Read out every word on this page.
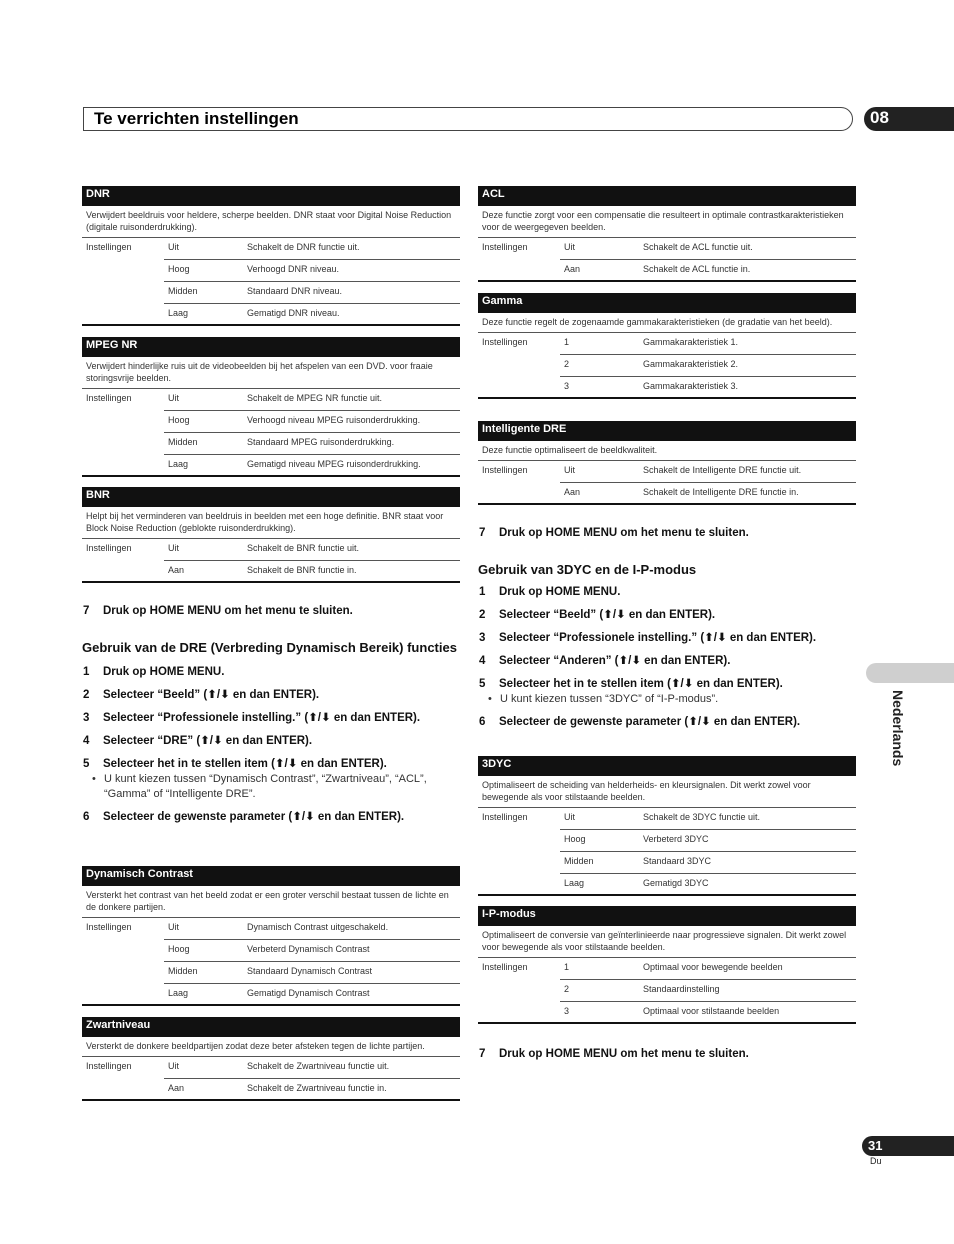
Te verrichten instellingen	08
Nederlands
31
Du
DNR
Verwijdert beeldruis voor heldere, scherpe beelden. DNR staat voor Digital Noise Reduction (digitale ruisonderdrukking).
Instellingen	Uit	Schakelt de DNR functie uit.
Hoog	Verhoogd DNR niveau.
Midden	Standaard DNR niveau.
Laag	Gematigd DNR niveau.
MPEG NR
Verwijdert hinderlijke ruis uit de videobeelden bij het afspelen van een DVD. voor fraaie storingsvrije beelden.
Instellingen	Uit	Schakelt de MPEG NR functie uit.
Hoog	Verhoogd niveau MPEG ruisonderdrukking.
Midden	Standaard MPEG ruisonderdrukking.
Laag	Gematigd niveau MPEG ruisonderdrukking.
BNR
Helpt bij het verminderen van beeldruis in beelden met een hoge definitie. BNR staat voor Block Noise Reduction (geblokte ruisonderdrukking).
Instellingen	Uit	Schakelt de BNR functie uit.
Aan	Schakelt de BNR functie in.
7 Druk op HOME MENU om het menu te sluiten.
Gebruik van de DRE (Verbreding Dynamisch Bereik) functies
1 Druk op HOME MENU.
2 Selecteer “Beeld” (⬆/⬇ en dan ENTER).
3 Selecteer “Professionele instelling.” (⬆/⬇ en dan ENTER).
4 Selecteer “DRE” (⬆/⬇ en dan ENTER).
5 Selecteer het in te stellen item (⬆/⬇ en dan ENTER).
• U kunt kiezen tussen “Dynamisch Contrast”, “Zwartniveau”, “ACL”, “Gamma” of “Intelligente DRE”.
6 Selecteer de gewenste parameter (⬆/⬇ en dan ENTER).
Dynamisch Contrast
Versterkt het contrast van het beeld zodat er een groter verschil bestaat tussen de lichte en de donkere partijen.
Instellingen	Uit	Dynamisch Contrast uitgeschakeld.
Hoog	Verbeterd Dynamisch Contrast
Midden	Standaard Dynamisch Contrast
Laag	Gematigd Dynamisch Contrast
Zwartniveau
Versterkt de donkere beeldpartijen zodat deze beter afsteken tegen de lichte partijen.
Instellingen	Uit	Schakelt de Zwartniveau functie uit.
Aan	Schakelt de Zwartniveau functie in.
ACL
Deze functie zorgt voor een compensatie die resulteert in optimale contrastkarakteristieken voor de weergegeven beelden.
Instellingen	Uit	Schakelt de ACL functie uit.
Aan	Schakelt de ACL functie in.
Gamma
Deze functie regelt de zogenaamde gammakarakteristieken (de gradatie van het beeld).
Instellingen	1	Gammakarakteristiek 1.
2	Gammakarakteristiek 2.
3	Gammakarakteristiek 3.
Intelligente DRE
Deze functie optimaliseert de beeldkwaliteit.
Instellingen	Uit	Schakelt de Intelligente DRE functie uit.
Aan	Schakelt de Intelligente DRE functie in.
7 Druk op HOME MENU om het menu te sluiten.
Gebruik van 3DYC en de I-P-modus
1 Druk op HOME MENU.
2 Selecteer “Beeld” (⬆/⬇ en dan ENTER).
3 Selecteer “Professionele instelling.” (⬆/⬇ en dan ENTER).
4 Selecteer “Anderen” (⬆/⬇ en dan ENTER).
5 Selecteer het in te stellen item (⬆/⬇ en dan ENTER).
• U kunt kiezen tussen “3DYC” of “I-P-modus”.
6 Selecteer de gewenste parameter (⬆/⬇ en dan ENTER).
3DYC
Optimaliseert de scheiding van helderheids- en kleursignalen. Dit werkt zowel voor bewegende als voor stilstaande beelden.
Instellingen	Uit	Schakelt de 3DYC functie uit.
Hoog	Verbeterd 3DYC
Midden	Standaard 3DYC
Laag	Gematigd 3DYC
I-P-modus
Optimaliseert de conversie van geïnterlinieerde naar progressieve signalen. Dit werkt zowel voor bewegende als voor stilstaande beelden.
Instellingen	1	Optimaal voor bewegende beelden
2	Standaardinstelling
3	Optimaal voor stilstaande beelden
7 Druk op HOME MENU om het menu te sluiten.
